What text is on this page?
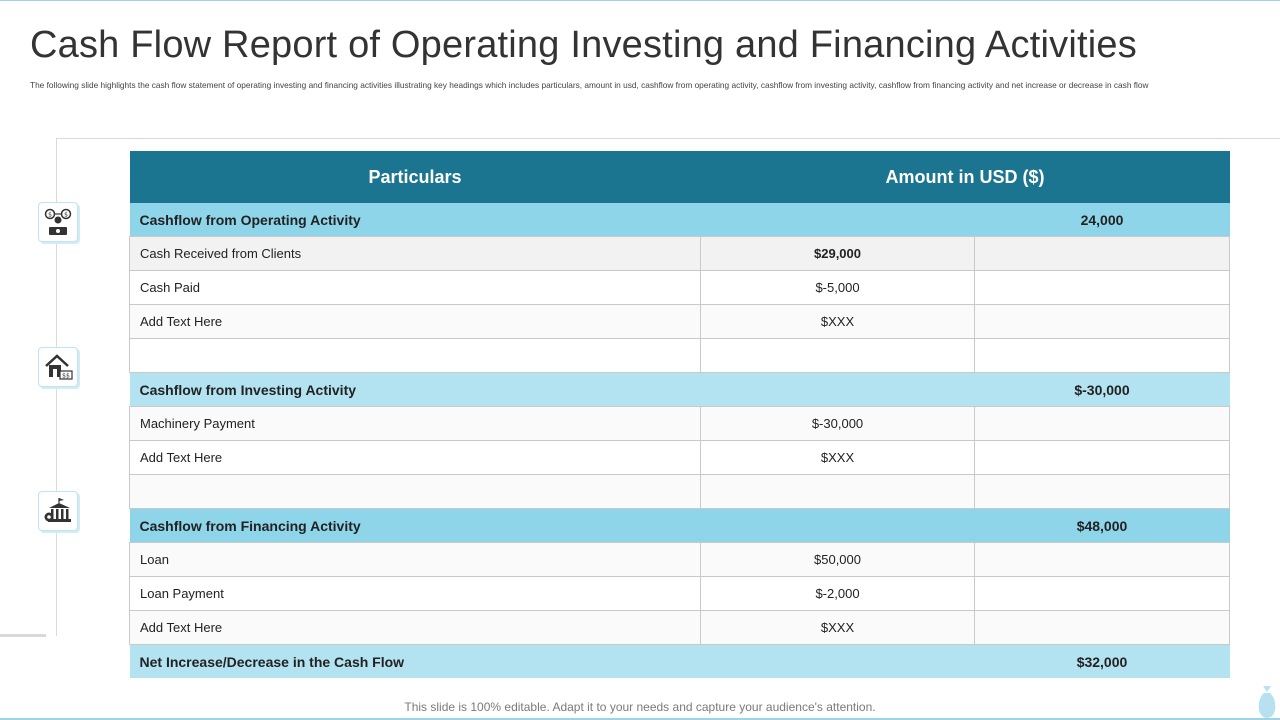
Cash Flow Report of Operating Investing and Financing Activities
The following slide highlights the cash flow statement of operating investing and financing activities illustrating key headings which includes particulars, amount in usd, cashflow from operating activity, cashflow from investing activity, cashflow from financing activity and net increase or decrease in cash flow
$ $
$$
Particulars	Amount in USD ($)	
Cashflow from Operating Activity		24,000
Cash Received from Clients	$29,000	
Cash Paid	$-5,000	
Add Text Here	$XXX	

Cashflow from Investing Activity		$-30,000
Machinery Payment	$-30,000	
Add Text Here	$XXX	

Cashflow from Financing Activity		$48,000
Loan	$50,000	
Loan Payment	$-2,000	
Add Text Here	$XXX	
Net Increase/Decrease in the Cash Flow		$32,000
This slide is 100% editable. Adapt it to your needs and capture your audience's attention.
